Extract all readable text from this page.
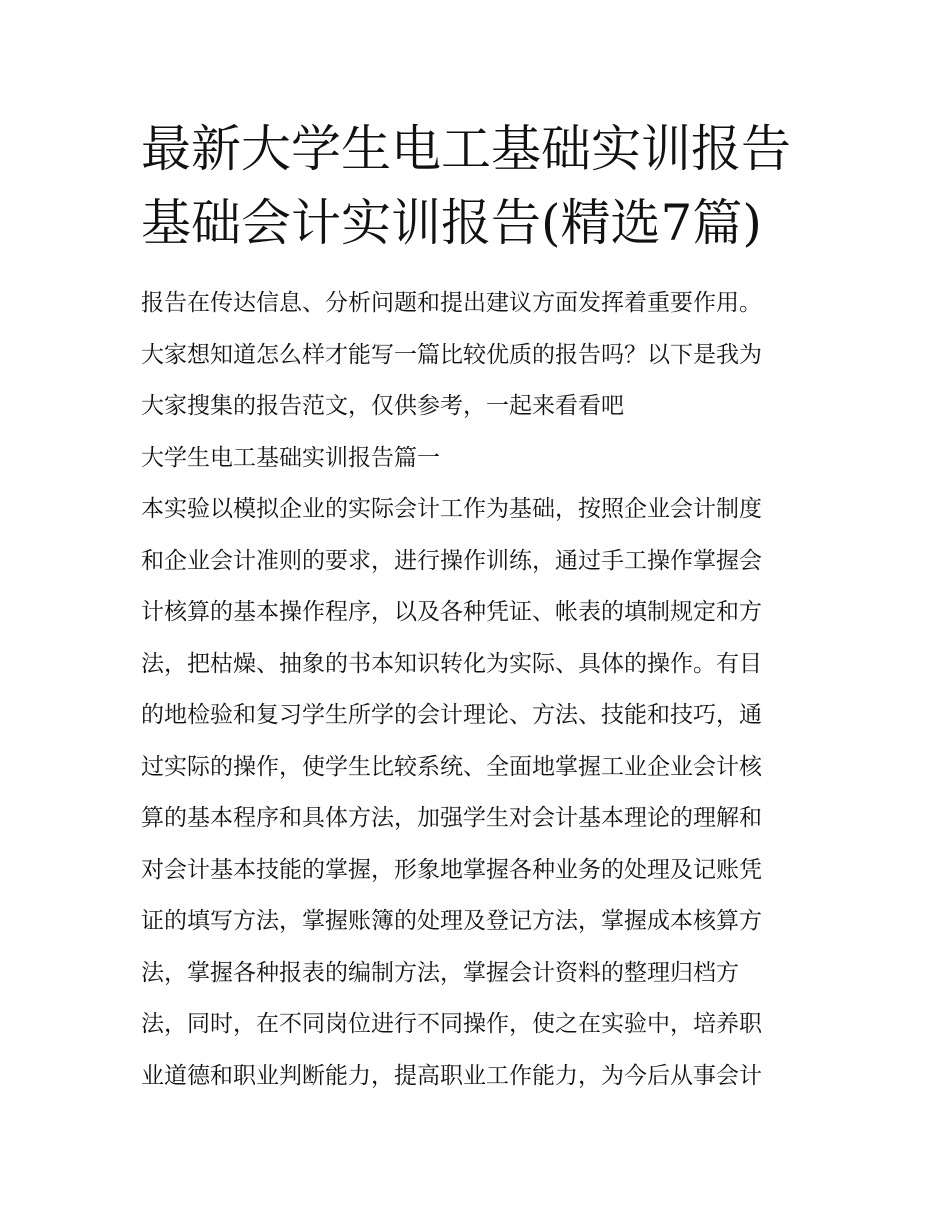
最新大学生电工基础实训报告
基础会计实训报告(精选7篇)
报告在传达信息、分析问题和提出建议方面发挥着重要作用。
大家想知道怎么样才能写一篇比较优质的报告吗？以下是我为
大家搜集的报告范文，仅供参考，一起来看看吧
大学生电工基础实训报告篇一
本实验以模拟企业的实际会计工作为基础，按照企业会计制度
和企业会计准则的要求，进行操作训练，通过手工操作掌握会
计核算的基本操作程序，以及各种凭证、帐表的填制规定和方
法，把枯燥、抽象的书本知识转化为实际、具体的操作。有目
的地检验和复习学生所学的会计理论、方法、技能和技巧，通
过实际的操作，使学生比较系统、全面地掌握工业企业会计核
算的基本程序和具体方法，加强学生对会计基本理论的理解和
对会计基本技能的掌握，形象地掌握各种业务的处理及记账凭
证的填写方法，掌握账簿的处理及登记方法，掌握成本核算方
法，掌握各种报表的编制方法，掌握会计资料的整理归档方
法，同时，在不同岗位进行不同操作，使之在实验中，培养职
业道德和职业判断能力，提高职业工作能力，为今后从事会计
